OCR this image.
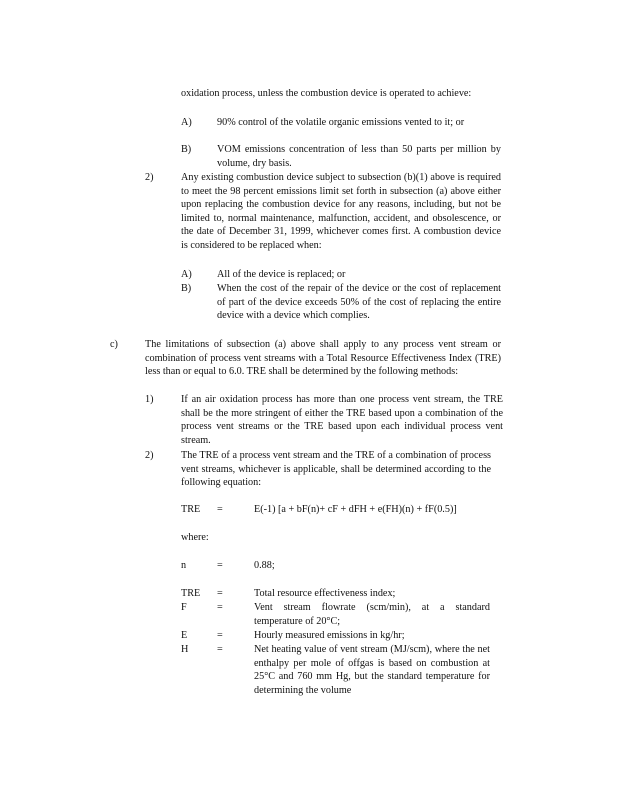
oxidation process, unless the combustion device is operated to achieve:
A) 90% control of the volatile organic emissions vented to it; or
B)	VOM emissions concentration of less than 50 parts per million by volume, dry basis.
2)	Any existing combustion device subject to subsection (b)(1) above is required to meet the 98 percent emissions limit set forth in subsection (a) above either upon replacing the combustion device for any reasons, including, but not be limited to, normal maintenance, malfunction, accident, and obsolescence, or the date of December 31, 1999, whichever comes first. A combustion device is considered to be replaced when:
A) All of the device is replaced; or
B)	When the cost of the repair of the device or the cost of replacement of part of the device exceeds 50% of the cost of replacing the entire device with a device which complies.
c)	The limitations of subsection (a) above shall apply to any process vent stream or combination of process vent streams with a Total Resource Effectiveness Index (TRE) less than or equal to 6.0. TRE shall be determined by the following methods:
1)	If an air oxidation process has more than one process vent stream, the TRE shall be the more stringent of either the TRE based upon a combination of the process vent streams or the TRE based upon each individual process vent stream.
2)	The TRE of a process vent stream and the TRE of a combination of process vent streams, whichever is applicable, shall be determined according to the following equation:
TRE =	E(-1) [a + bF(n)+ cF + dFH + e(FH)(n) + fF(0.5)]
where:
n	=	0.88;
TRE =	Total resource effectiveness index;
F	=	Vent stream flowrate (scm/min), at a standard temperature of 20°C;
E	=	Hourly measured emissions in kg/hr;
H	=	Net heating value of vent stream (MJ/scm), where the net enthalpy per mole of offgas is based on combustion at 25°C and 760 mm Hg, but the standard temperature for determining the volume
